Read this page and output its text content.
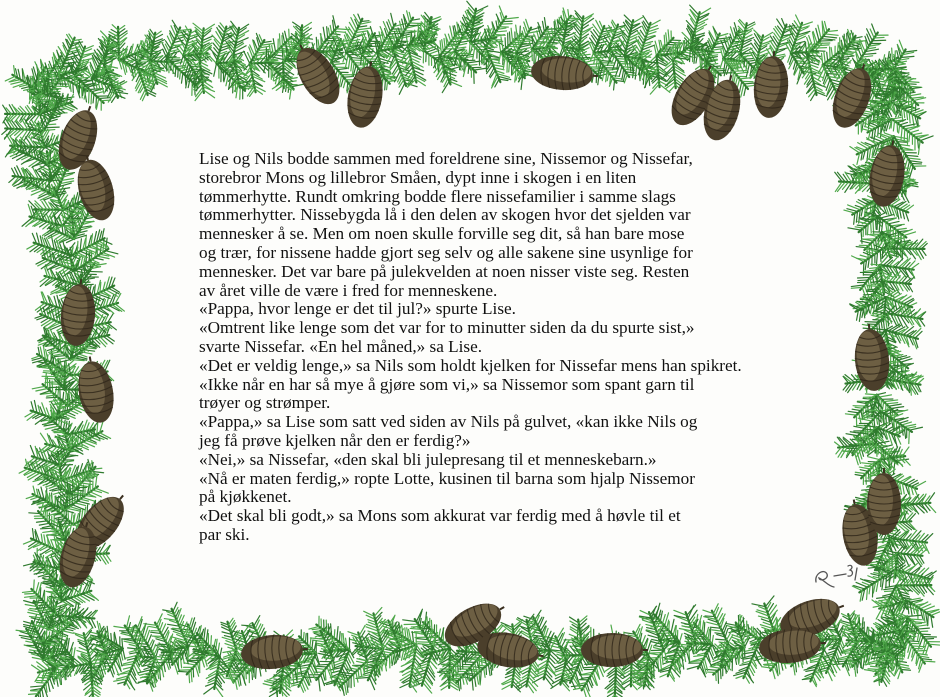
Lise og Nils bodde sammen med foreldrene sine, Nissemor og Nissefar,
storebror Mons og lillebror Småen, dypt inne i skogen i en liten
tømmerhytte. Rundt omkring bodde flere nissefamilier i samme slags
tømmerhytter. Nissebygda lå i den delen av skogen hvor det sjelden var
mennesker å se. Men om noen skulle forville seg dit, så han bare mose
og trær, for nissene hadde gjort seg selv og alle sakene sine usynlige for
mennesker. Det var bare på julekvelden at noen nisser viste seg. Resten
av året ville de være i fred for menneskene.
«Pappa, hvor lenge er det til jul?» spurte Lise.
«Omtrent like lenge som det var for to minutter siden da du spurte sist,»
svarte Nissefar. «En hel måned,» sa Lise.
«Det er veldig lenge,» sa Nils som holdt kjelken for Nissefar mens han spikret.
«Ikke når en har så mye å gjøre som vi,» sa Nissemor som spant garn til
trøyer og strømper.
«Pappa,» sa Lise som satt ved siden av Nils på gulvet, «kan ikke Nils og
jeg få prøve kjelken når den er ferdig?»
«Nei,» sa Nissefar, «den skal bli julepresang til et menneskebarn.»
«Nå er maten ferdig,» ropte Lotte, kusinen til barna som hjalp Nissemor
på kjøkkenet.
«Det skal bli godt,» sa Mons som akkurat var ferdig med å høvle til et
par ski.
